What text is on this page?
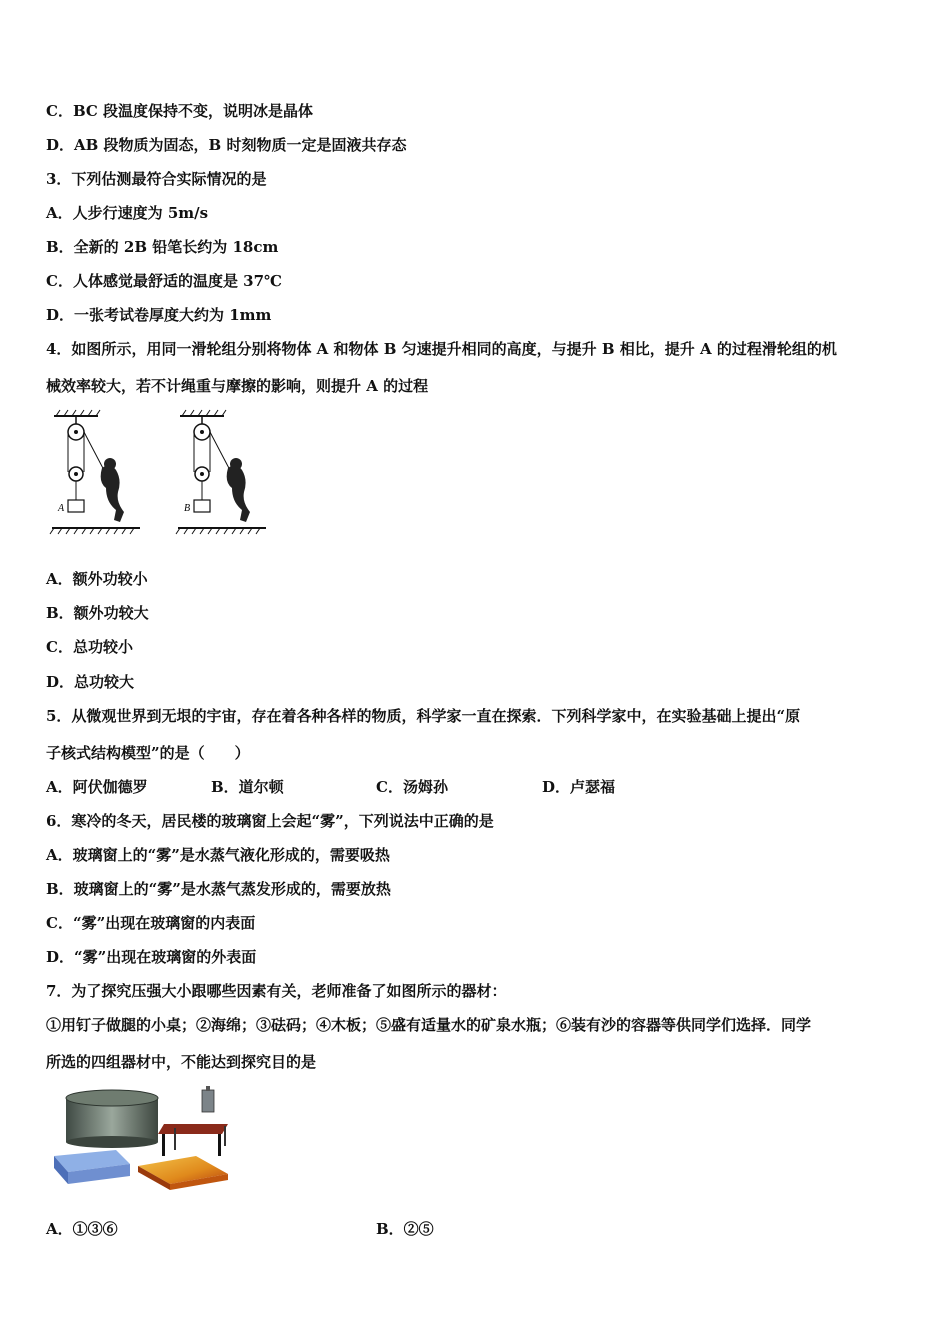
C．BC 段温度保持不变，说明冰是晶体
D．AB 段物质为固态，B 时刻物质一定是固液共存态
3．下列估测最符合实际情况的是
A．人步行速度为 5m/s
B．全新的 2B 铅笔长约为 18cm
C．人体感觉最舒适的温度是 37℃
D．一张考试卷厚度大约为 1mm
4．如图所示，用同一滑轮组分别将物体 A 和物体 B 匀速提升相同的高度，与提升 B 相比，提升 A 的过程滑轮组的机
械效率较大，若不计绳重与摩擦的影响，则提升 A 的过程
A	B
A．额外功较小
B．额外功较大
C．总功较小
D．总功较大
5．从微观世界到无垠的宇宙，存在着各种各样的物质，科学家一直在探索．下列科学家中，在实验基础上提出“原
子核式结构模型”的是（　　）
A．阿伏伽德罗	B．道尔顿	C．汤姆孙	D．卢瑟福
6．寒冷的冬天，居民楼的玻璃窗上会起“雾”，下列说法中正确的是
A．玻璃窗上的“雾”是水蒸气液化形成的，需要吸热
B．玻璃窗上的“雾”是水蒸气蒸发形成的，需要放热
C．“雾”出现在玻璃窗的内表面
D．“雾”出现在玻璃窗的外表面
7．为了探究压强大小跟哪些因素有关，老师准备了如图所示的器材：
①用钉子做腿的小桌；②海绵；③砝码；④木板；⑤盛有适量水的矿泉水瓶；⑥装有沙的容器等供同学们选择．同学
所选的四组器材中，不能达到探究目的是
A．①③⑥	B．②⑤
